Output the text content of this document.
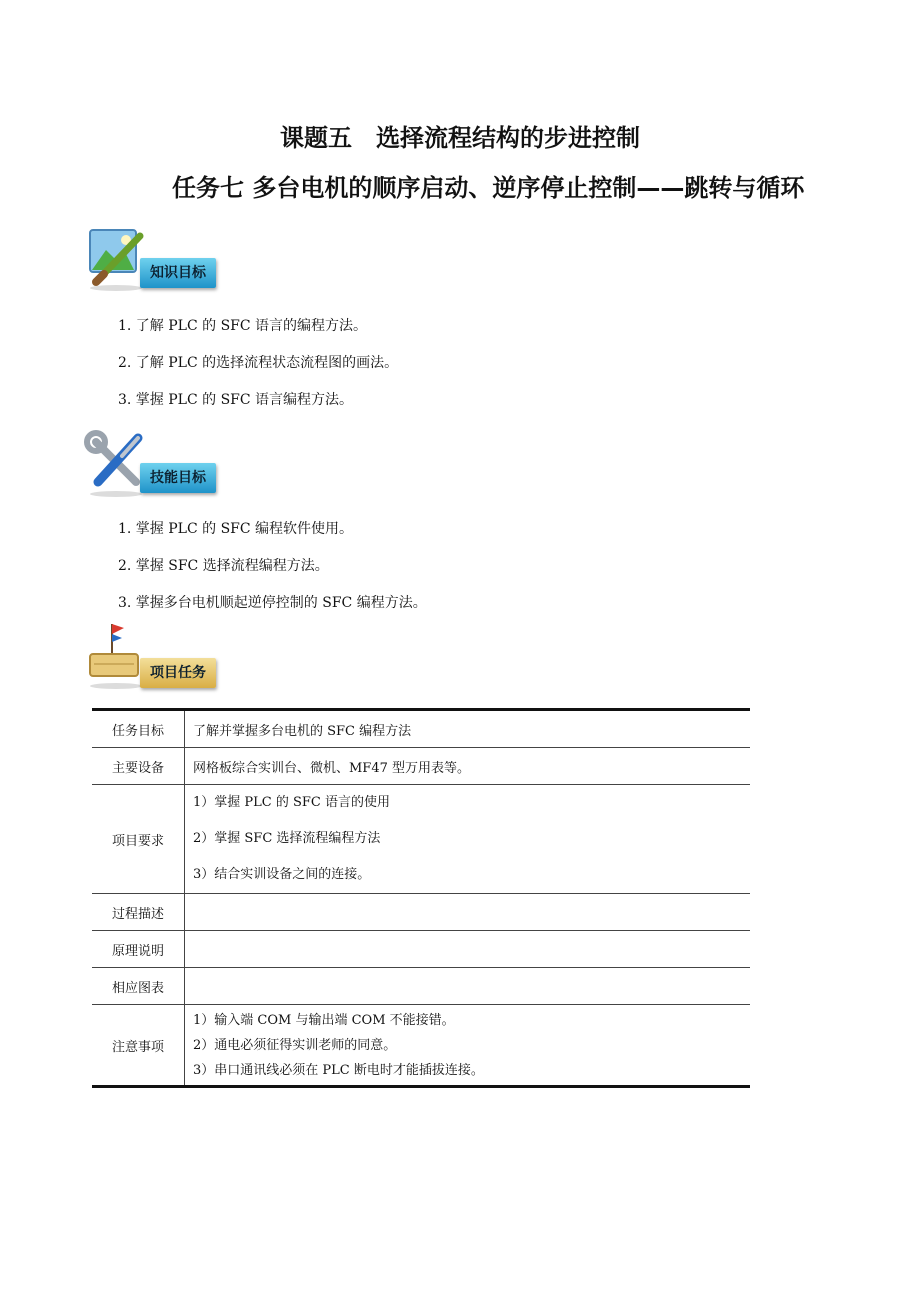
课题五　选择流程结构的步进控制
任务七 多台电机的顺序启动、逆序停止控制——跳转与循环
知识目标
1. 了解 PLC 的 SFC 语言的编程方法。
2. 了解 PLC 的选择流程状态流程图的画法。
3. 掌握 PLC 的 SFC 语言编程方法。
技能目标
1. 掌握 PLC 的 SFC 编程软件使用。
2. 掌握 SFC 选择流程编程方法。
3. 掌握多台电机顺起逆停控制的 SFC 编程方法。
项目任务
任务目标	了解并掌握多台电机的 SFC 编程方法
主要设备	网格板综合实训台、微机、MF47 型万用表等。
项目要求	1）掌握 PLC 的 SFC 语言的使用
2）掌握 SFC 选择流程编程方法
3）结合实训设备之间的连接。

过程描述	
原理说明	
相应图表	
注意事项	1）输入端 COM 与输出端 COM 不能接错。
2）通电必须征得实训老师的同意。
3）串口通讯线必须在 PLC 断电时才能插拔连接。
